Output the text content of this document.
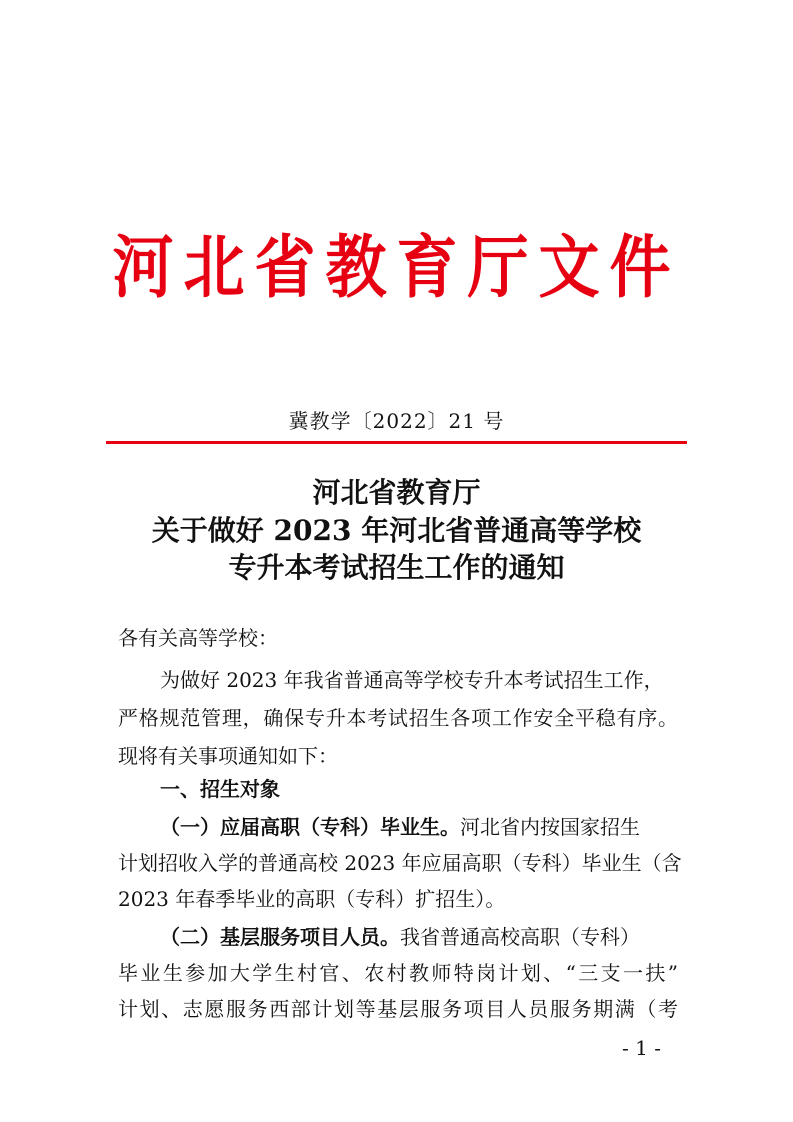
河北省教育厅文件
冀教学〔2022〕21 号
河北省教育厅
关于做好 2023 年河北省普通高等学校
专升本考试招生工作的通知
各有关高等学校：
为做好 2023 年我省普通高等学校专升本考试招生工作，
严格规范管理，确保专升本考试招生各项工作安全平稳有序。
现将有关事项通知如下：
一、招生对象
（一）应届高职（专科）毕业生。河北省内按国家招生
计划招收入学的普通高校 2023 年应届高职（专科）毕业生（含
2023 年春季毕业的高职（专科）扩招生）。
（二）基层服务项目人员。我省普通高校高职（专科）
毕业生参加大学生村官、农村教师特岗计划、“三支一扶”
计划、志愿服务西部计划等基层服务项目人员服务期满（考
- 1 -
